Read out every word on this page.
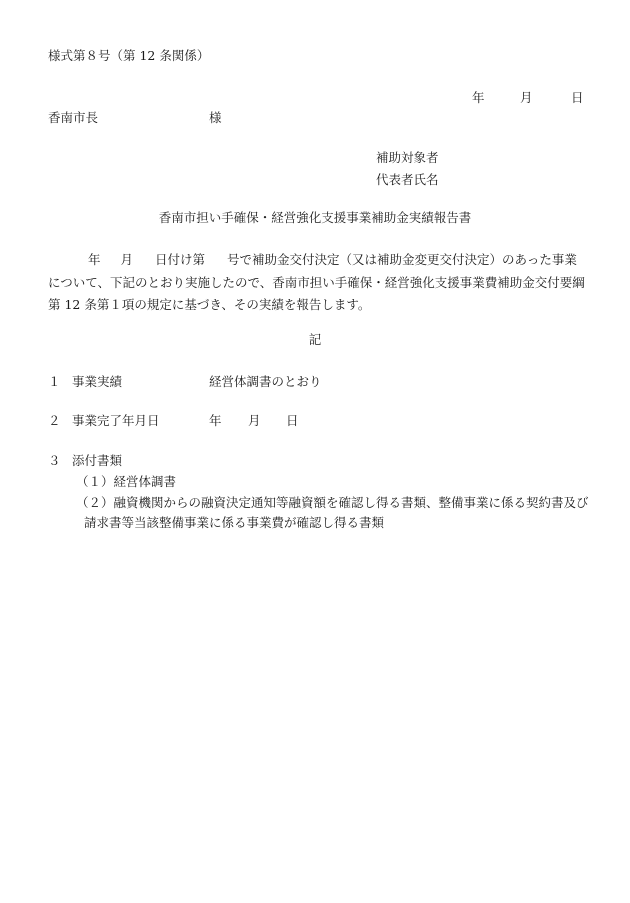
様式第８号（第 12 条関係）
年	月	日
香南市長	様
補助対象者
代表者氏名
香南市担い手確保・経営強化支援事業補助金実績報告書
年 月 日付け第 号で補助金交付決定（又は補助金変更交付決定）のあった事業
について、下記のとおり実施したので、香南市担い手確保・経営強化支援事業費補助金交付要綱
第 12 条第１項の規定に基づき、その実績を報告します。
記
１ 事業実績	経営体調書のとおり
２ 事業完了年月日	年 月 日
３ 添付書類
（１）経営体調書
（２）融資機関からの融資決定通知等融資額を確認し得る書類、整備事業に係る契約書及び
請求書等当該整備事業に係る事業費が確認し得る書類
